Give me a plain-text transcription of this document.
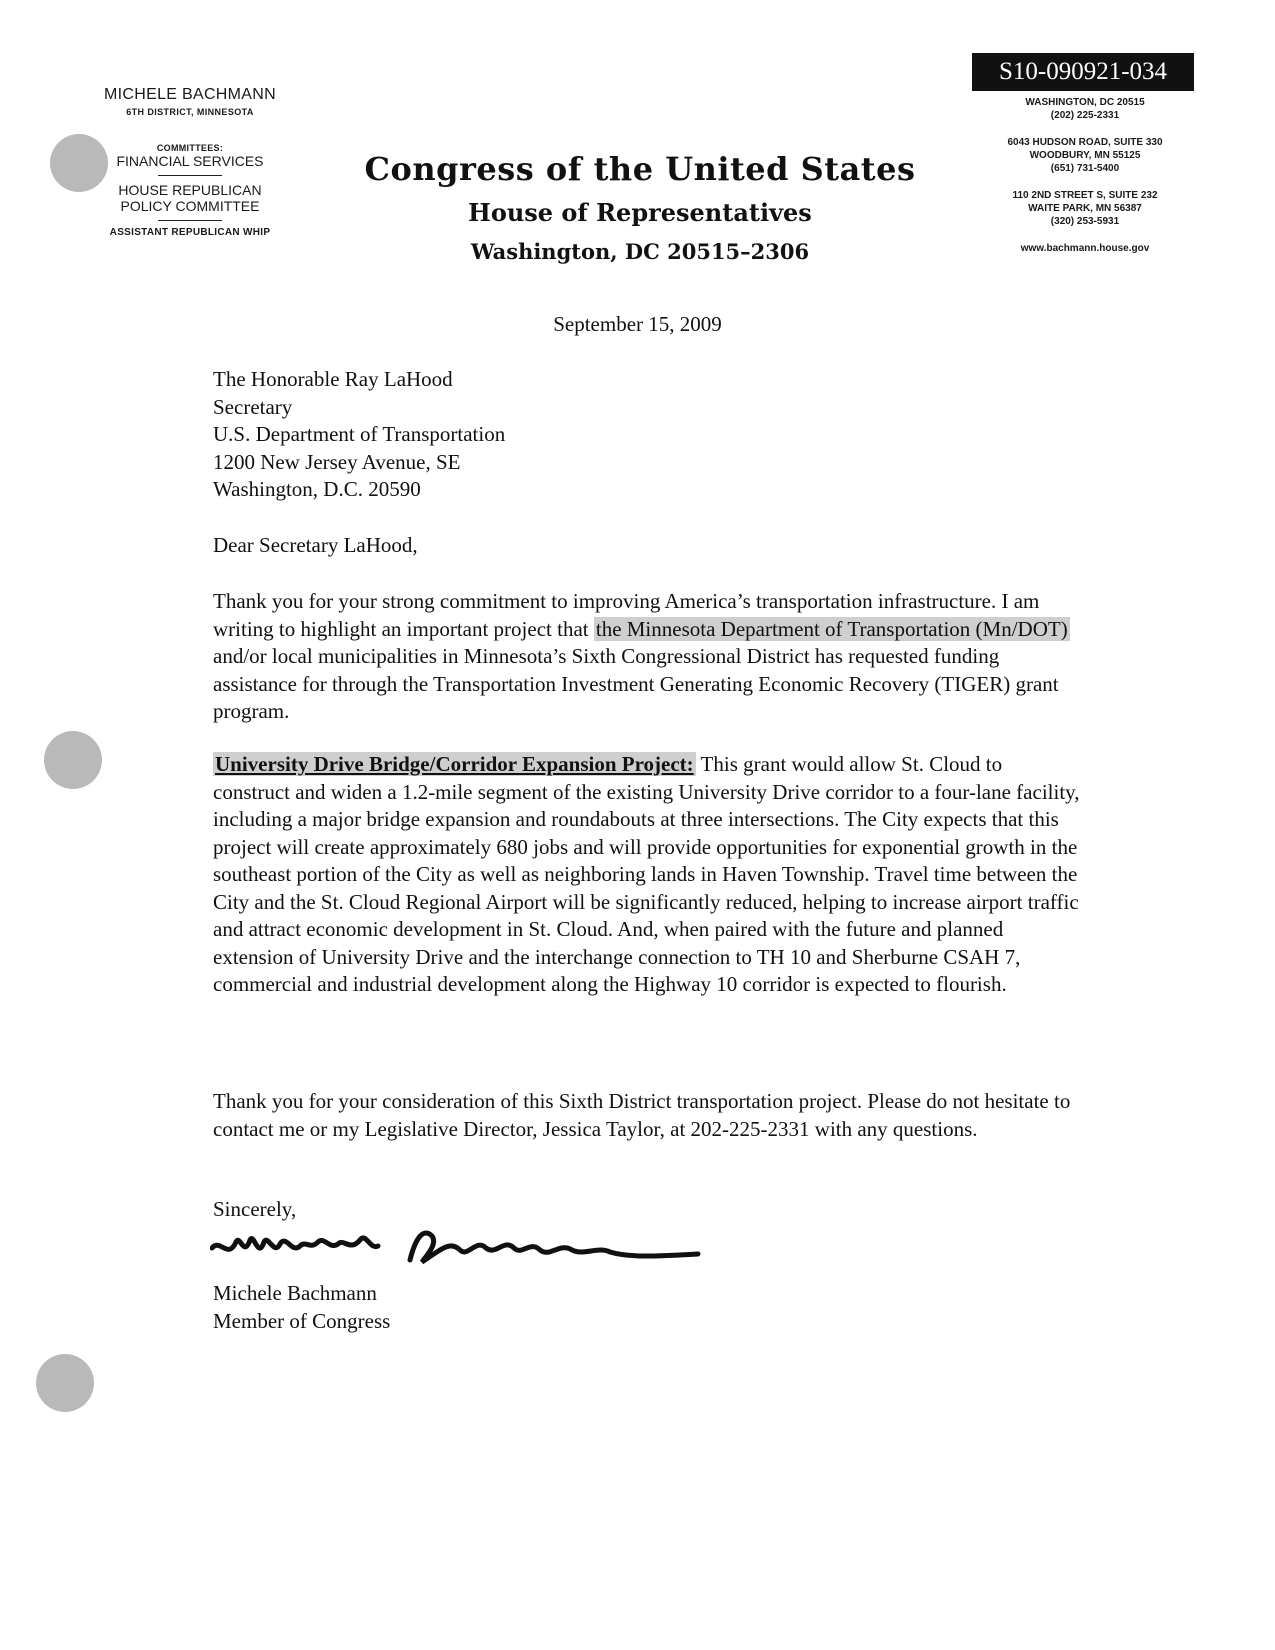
MICHELE BACHMANN
6TH DISTRICT, MINNESOTA
COMMITTEES:
FINANCIAL SERVICES
HOUSE REPUBLICAN
POLICY COMMITTEE
ASSISTANT REPUBLICAN WHIP
Congress of the United States
House of Representatives
Washington, DC 20515–2306
S10-090921-034
WASHINGTON, DC 20515
(202) 225-2331
6043 HUDSON ROAD, SUITE 330
WOODBURY, MN 55125
(651) 731-5400
110 2ND STREET S, SUITE 232
WAITE PARK, MN 56387
(320) 253-5931
www.bachmann.house.gov
September 15, 2009
The Honorable Ray LaHood
Secretary
U.S. Department of Transportation
1200 New Jersey Avenue, SE
Washington, D.C. 20590
Dear Secretary LaHood,
Thank you for your strong commitment to improving America’s transportation infrastructure. I am writing to highlight an important project that the Minnesota Department of Transportation (Mn/DOT) and/or local municipalities in Minnesota’s Sixth Congressional District has requested funding assistance for through the Transportation Investment Generating Economic Recovery (TIGER) grant program.
University Drive Bridge/Corridor Expansion Project: This grant would allow St. Cloud to construct and widen a 1.2-mile segment of the existing University Drive corridor to a four-lane facility, including a major bridge expansion and roundabouts at three intersections. The City expects that this project will create approximately 680 jobs and will provide opportunities for exponential growth in the southeast portion of the City as well as neighboring lands in Haven Township. Travel time between the City and the St. Cloud Regional Airport will be significantly reduced, helping to increase airport traffic and attract economic development in St. Cloud. And, when paired with the future and planned extension of University Drive and the interchange connection to TH 10 and Sherburne CSAH 7, commercial and industrial development along the Highway 10 corridor is expected to flourish.
Thank you for your consideration of this Sixth District transportation project. Please do not hesitate to contact me or my Legislative Director, Jessica Taylor, at 202-225-2331 with any questions.
Sincerely,
Michele Bachmann
Member of Congress
